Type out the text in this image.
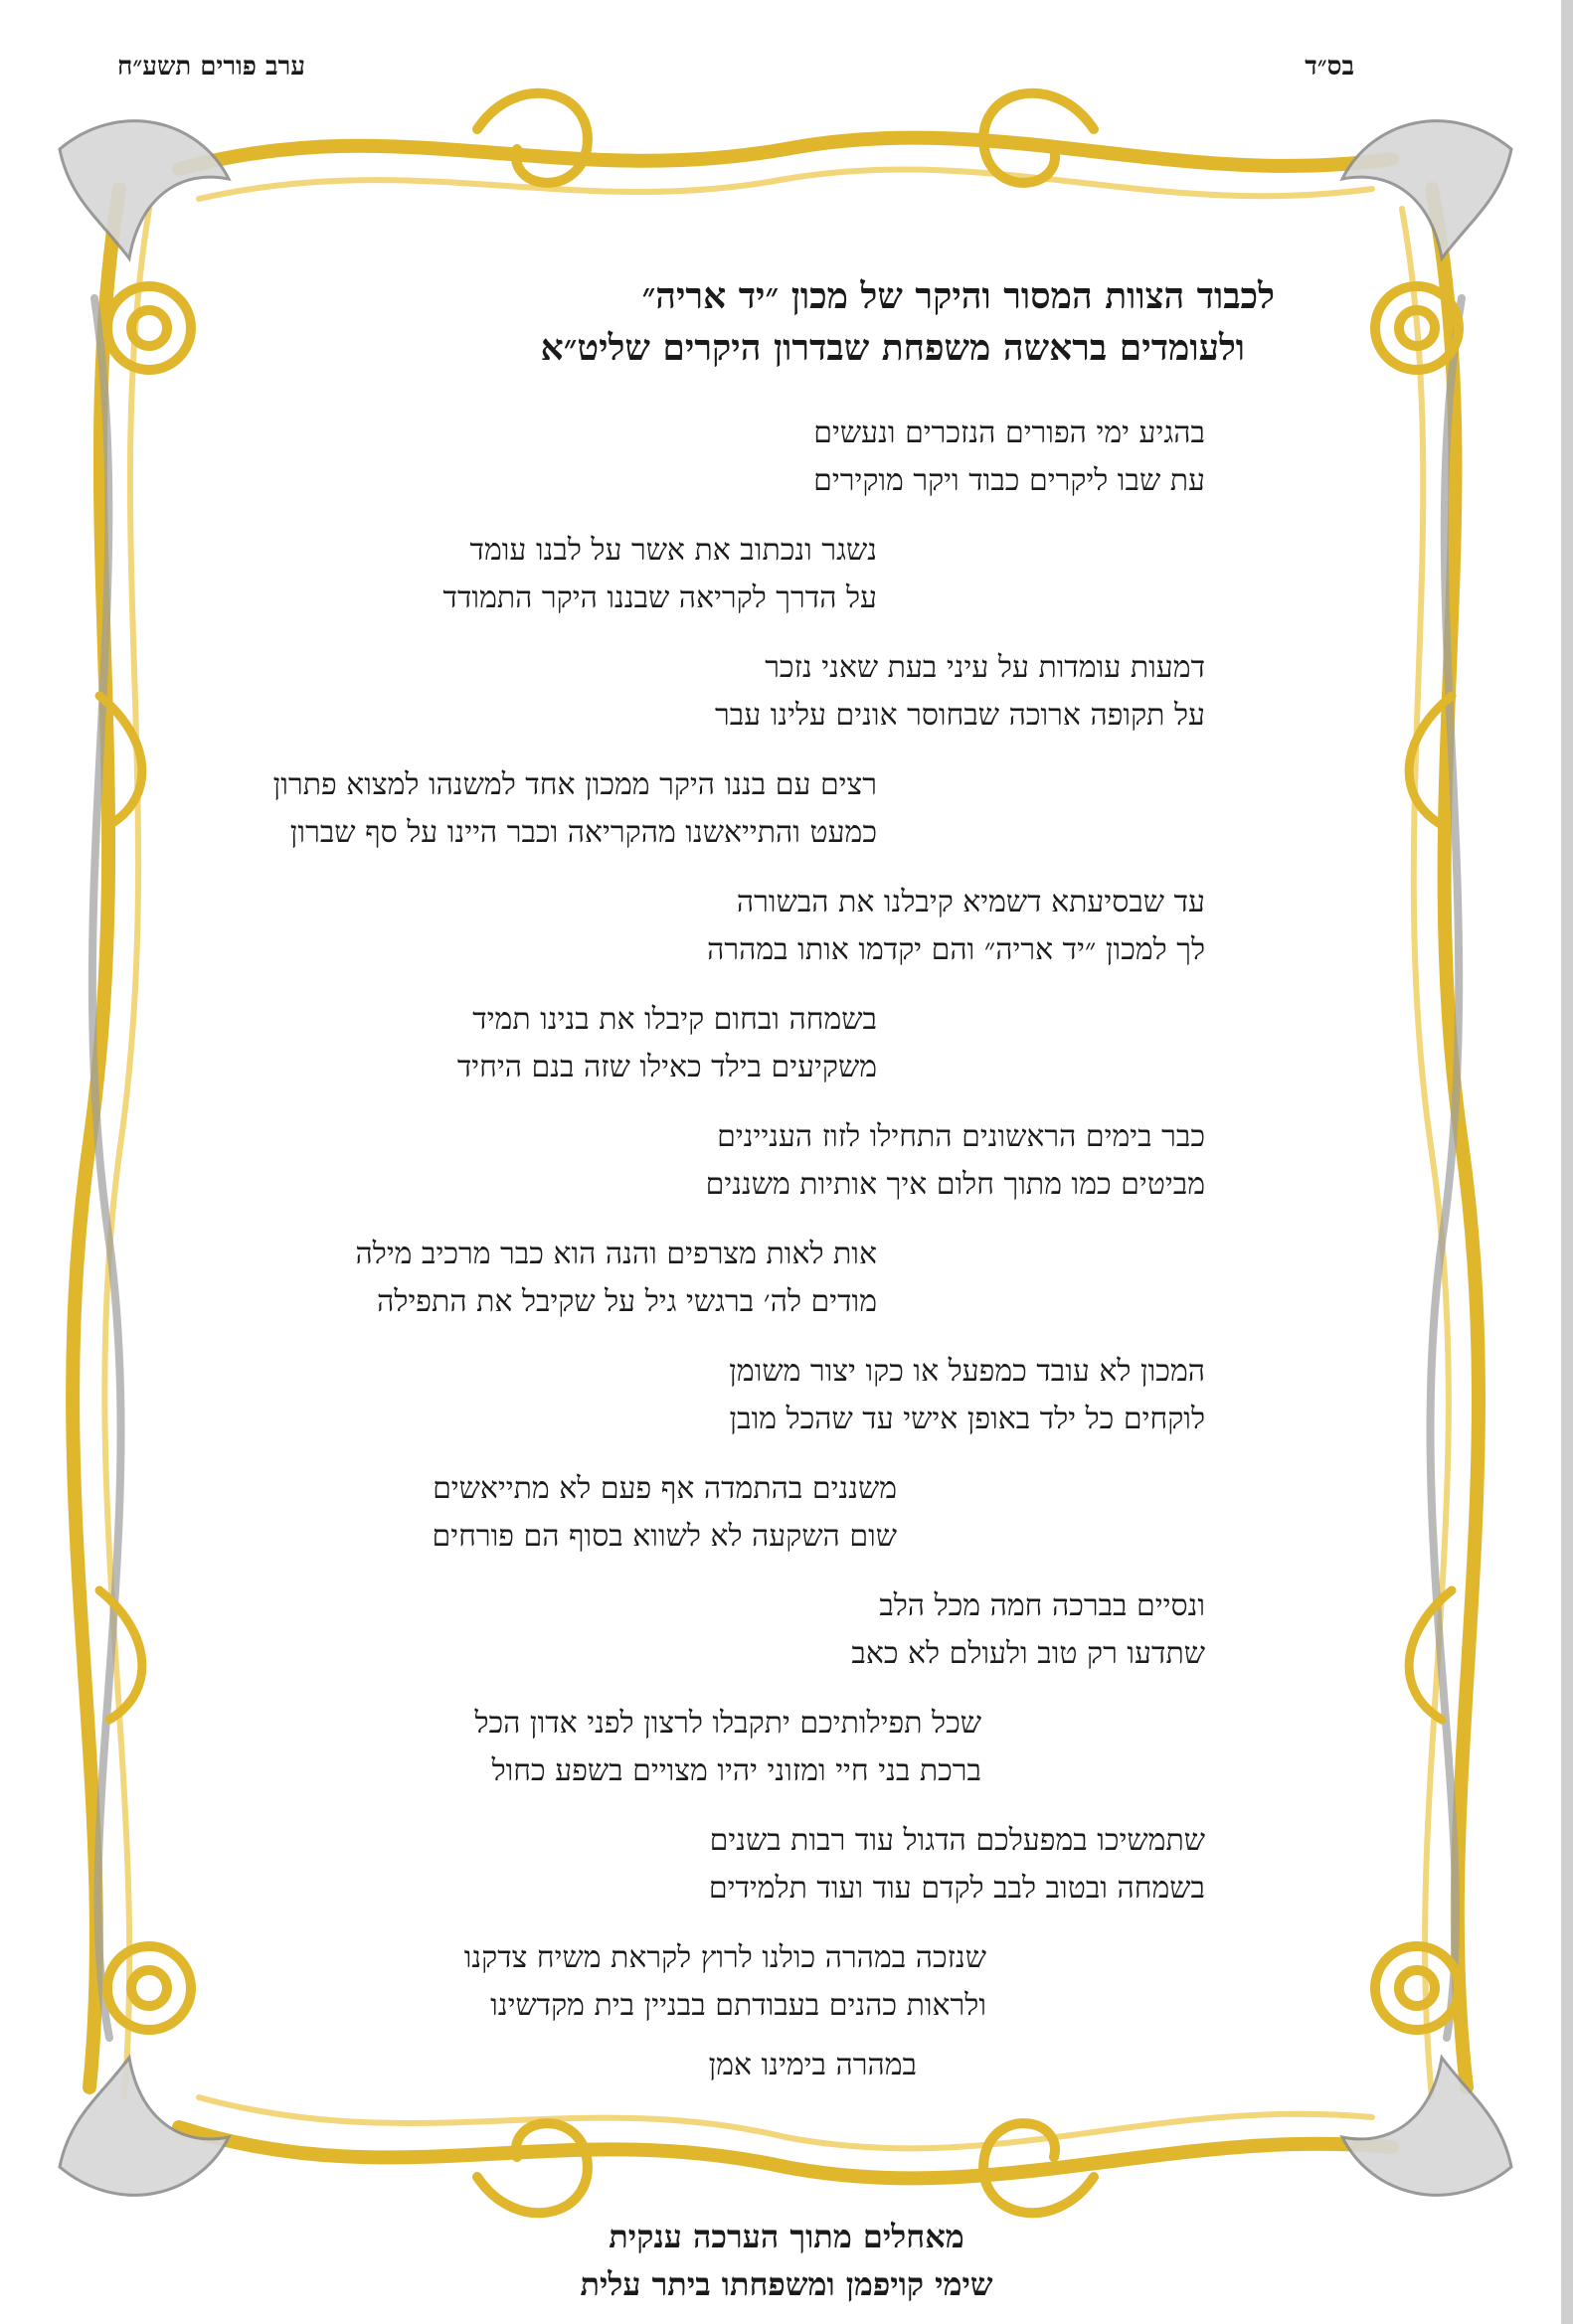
בס״ד
ערב פורים תשע״ח
לכבוד הצוות המסור והיקר של מכון ״יד אריה״
ולעומדים בראשה משפחת שבדרון היקרים שליט״א
בהגיע ימי הפורים הנזכרים ונעשים
עת שבו ליקרים כבוד ויקר מוקירים
נשגר ונכתוב את אשר על לבנו עומד
על הדרך לקריאה שבננו היקר התמודד
דמעות עומדות על עיני בעת שאני נזכר
על תקופה ארוכה שבחוסר אונים עלינו עבר
רצים עם בננו היקר ממכון אחד למשנהו למצוא פתרון
כמעט והתייאשנו מהקריאה וכבר היינו על סף שברון
עד שבסיעתא דשמיא קיבלנו את הבשורה
לך למכון ״יד אריה״ והם יקדמו אותו במהרה
בשמחה ובחום קיבלו את בנינו תמיד
משקיעים בילד כאילו שזה בנם היחיד
כבר בימים הראשונים התחילו לזוז העניינים
מביטים כמו מתוך חלום איך אותיות משננים
אות לאות מצרפים והנה הוא כבר מרכיב מילה
מודים לה׳ ברגשי גיל על שקיבל את התפילה
המכון לא עובד כמפעל או כקו יצור משומן
לוקחים כל ילד באופן אישי עד שהכל מובן
משננים בהתמדה אף פעם לא מתייאשים
שום השקעה לא לשווא בסוף הם פורחים
ונסיים בברכה חמה מכל הלב
שתדעו רק טוב ולעולם לא כאב
שכל תפילותיכם יתקבלו לרצון לפני אדון הכל
ברכת בני חיי ומזוני יהיו מצויים בשפע כחול
שתמשיכו במפעלכם הדגול עוד רבות בשנים
בשמחה ובטוב לבב לקדם עוד ועוד תלמידים
שנזכה במהרה כולנו לרוץ לקראת משיח צדקנו
ולראות כהנים בעבודתם בבניין בית מקדשינו
במהרה בימינו אמן
מאחלים מתוך הערכה ענקית
שימי קויפמן ומשפחתו ביתר עלית
